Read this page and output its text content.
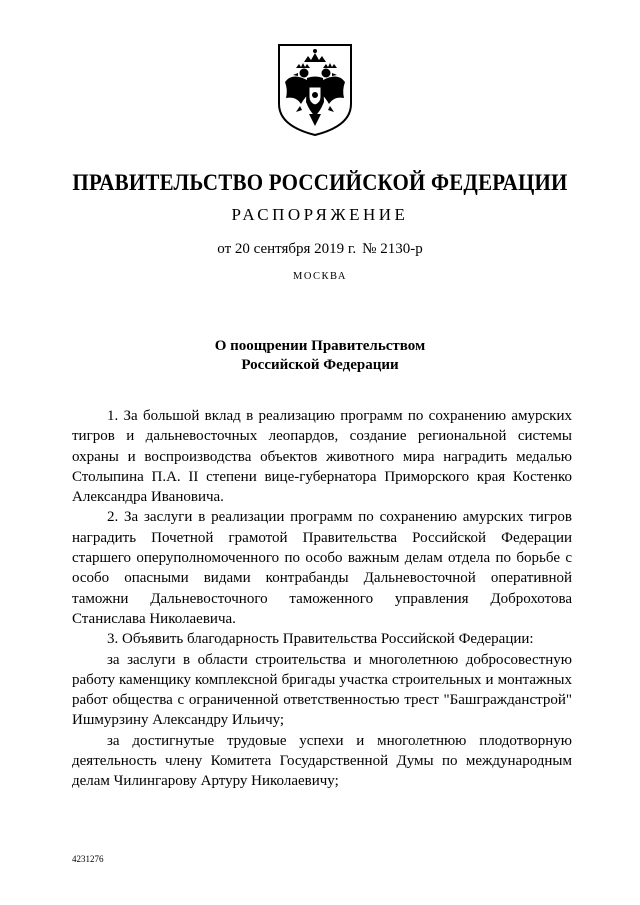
ПРАВИТЕЛЬСТВО РОССИЙСКОЙ ФЕДЕРАЦИИ
РАСПОРЯЖЕНИЕ
от 20 сентября 2019 г. № 2130-р
МОСКВА
О поощрении Правительством
Российской Федерации

1. За большой вклад в реализацию программ по сохранению амурских тигров и дальневосточных леопардов, создание региональной системы охраны и воспроизводства объектов животного мира наградить медалью Столыпина П.А. II степени вице-губернатора Приморского края Костенко Александра Ивановича.

2. За заслуги в реализации программ по сохранению амурских тигров наградить Почетной грамотой Правительства Российской Федерации старшего оперуполномоченного по особо важным делам отдела по борьбе с особо опасными видами контрабанды Дальневосточной оперативной таможни Дальневосточного таможенного управления Доброхотова Станислава Николаевича.

3. Объявить благодарность Правительства Российской Федерации:

за заслуги в области строительства и многолетнюю добросовестную работу каменщику комплексной бригады участка строительных и монтажных работ общества с ограниченной ответственностью трест "Башгражданстрой" Ишмурзину Александру Ильичу;

за достигнутые трудовые успехи и многолетнюю плодотворную деятельность члену Комитета Государственной Думы по международным делам Чилингарову Артуру Николаевичу;

4231276
